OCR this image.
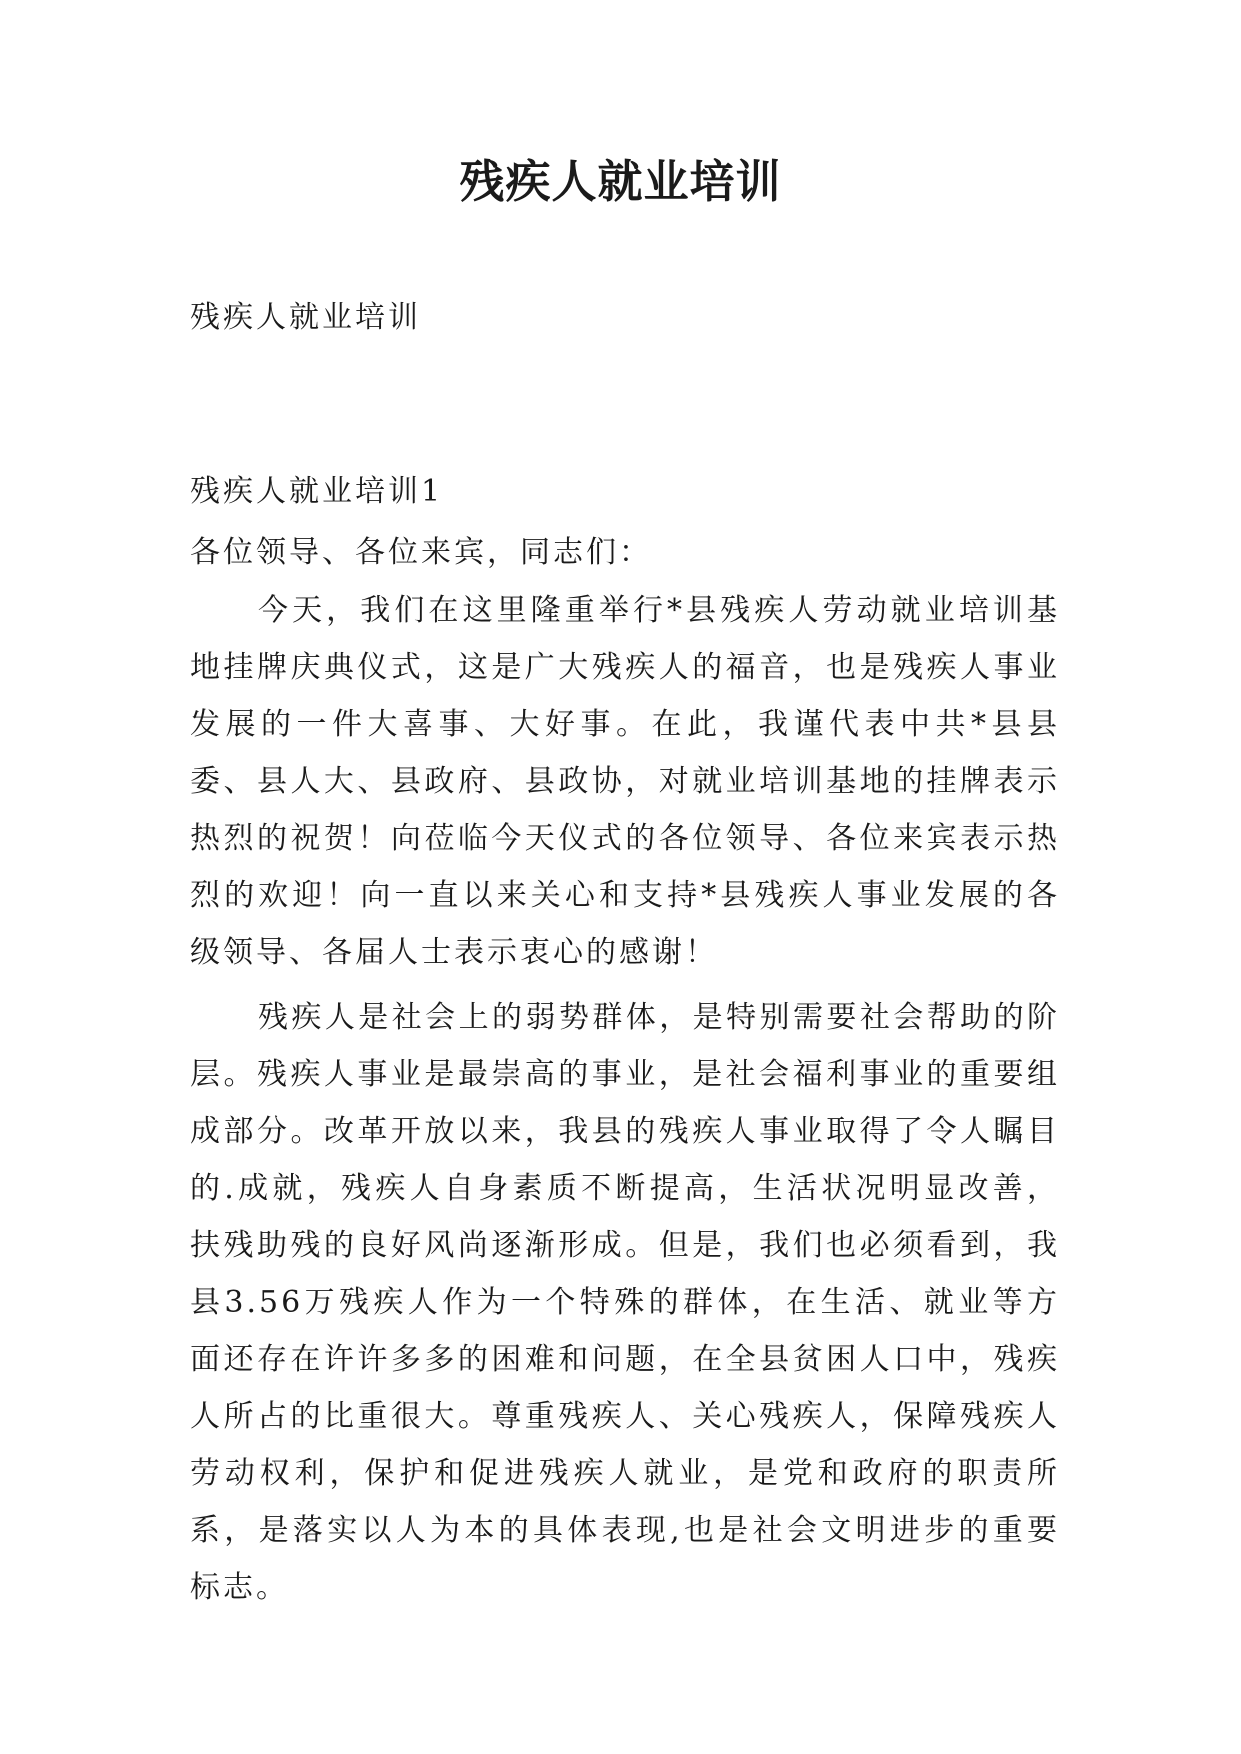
残疾人就业培训

残疾人就业培训

残疾人就业培训1

各位领导、各位来宾，同志们：

今天，我们在这里隆重举行*县残疾人劳动就业培训基地挂牌庆典仪式，这是广大残疾人的福音，也是残疾人事业发展的一件大喜事、大好事。在此，我谨代表中共*县县委、县人大、县政府、县政协，对就业培训基地的挂牌表示热烈的祝贺！向莅临今天仪式的各位领导、各位来宾表示热烈的欢迎！向一直以来关心和支持*县残疾人事业发展的各级领导、各届人士表示衷心的感谢！

残疾人是社会上的弱势群体，是特别需要社会帮助的阶层。残疾人事业是最崇高的事业，是社会福利事业的重要组成部分。改革开放以来，我县的残疾人事业取得了令人瞩目的.成就，残疾人自身素质不断提高，生活状况明显改善，扶残助残的良好风尚逐渐形成。但是，我们也必须看到，我县3.56万残疾人作为一个特殊的群体，在生活、就业等方面还存在许许多多的困难和问题，在全县贫困人口中，残疾人所占的比重很大。尊重残疾人、关心残疾人，保障残疾人劳动权利，保护和促进残疾人就业，是党和政府的职责所系，是落实以人为本的具体表现,也是社会文明进步的重要标志。
